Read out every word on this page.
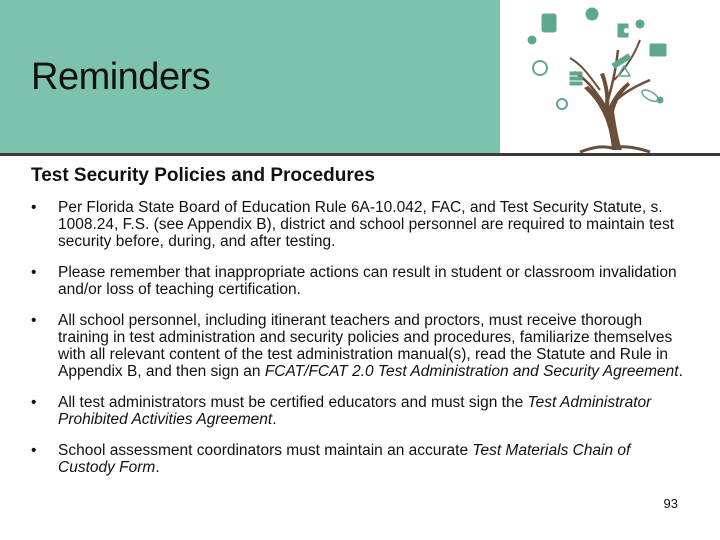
Reminders
Test Security Policies and Procedures
• Per Florida State Board of Education Rule 6A-10.042, FAC, and Test Security Statute, s. 1008.24, F.S. (see Appendix B), district and school personnel are required to maintain test security before, during, and after testing.
• Please remember that inappropriate actions can result in student or classroom invalidation and/or loss of teaching certification.
• All school personnel, including itinerant teachers and proctors, must receive thorough training in test administration and security policies and procedures, familiarize themselves with all relevant content of the test administration manual(s), read the Statute and Rule in Appendix B, and then sign an FCAT/FCAT 2.0 Test Administration and Security Agreement.
• All test administrators must be certified educators and must sign the Test Administrator Prohibited Activities Agreement.
• School assessment coordinators must maintain an accurate Test Materials Chain of Custody Form.
93
